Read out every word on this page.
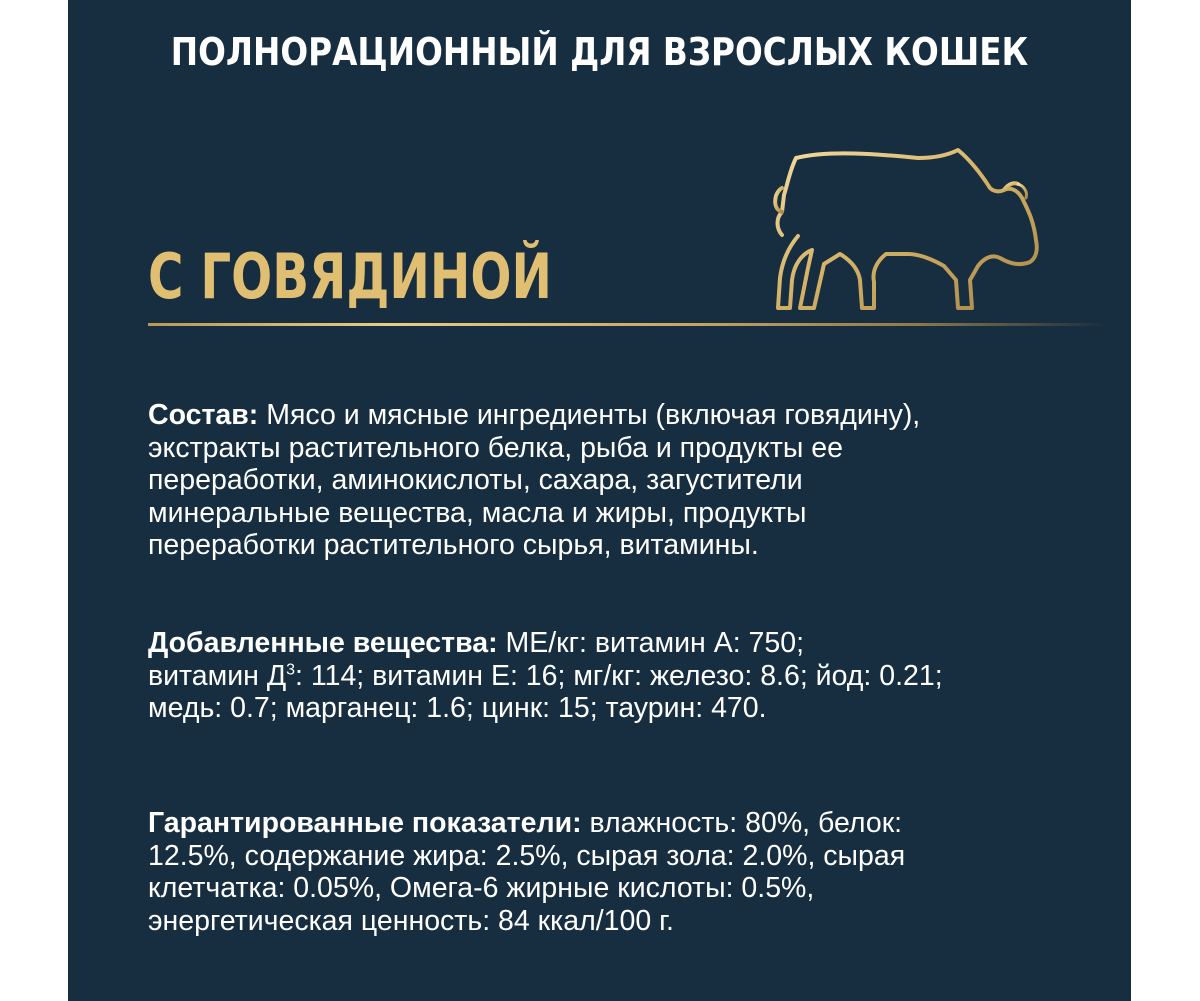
ПОЛНОРАЦИОННЫЙ ДЛЯ ВЗРОСЛЫХ КОШЕК
С ГОВЯДИНОЙ
Состав: Мясо и мясные ингредиенты (включая говядину),
экстракты растительного белка, рыба и продукты ее
переработки, аминокислоты, сахара, загустители
минеральные вещества, масла и жиры, продукты
переработки растительного сырья, витамины.
Добавленные вещества: МЕ/кг: витамин А: 750;
витамин $Д^3$: 114; витамин Е: 16; мг/кг: железо: 8.6; йод: 0.21;
медь: 0.7; марганец: 1.6; цинк: 15; таурин: 470.
Гарантированные показатели: влажность: 80%, белок:
12.5%, содержание жира: 2.5%, сырая зола: 2.0%, сырая
клетчатка: 0.05%, Омега-6 жирные кислоты: 0.5%,
энергетическая ценность: 84 ккал/100 г.
